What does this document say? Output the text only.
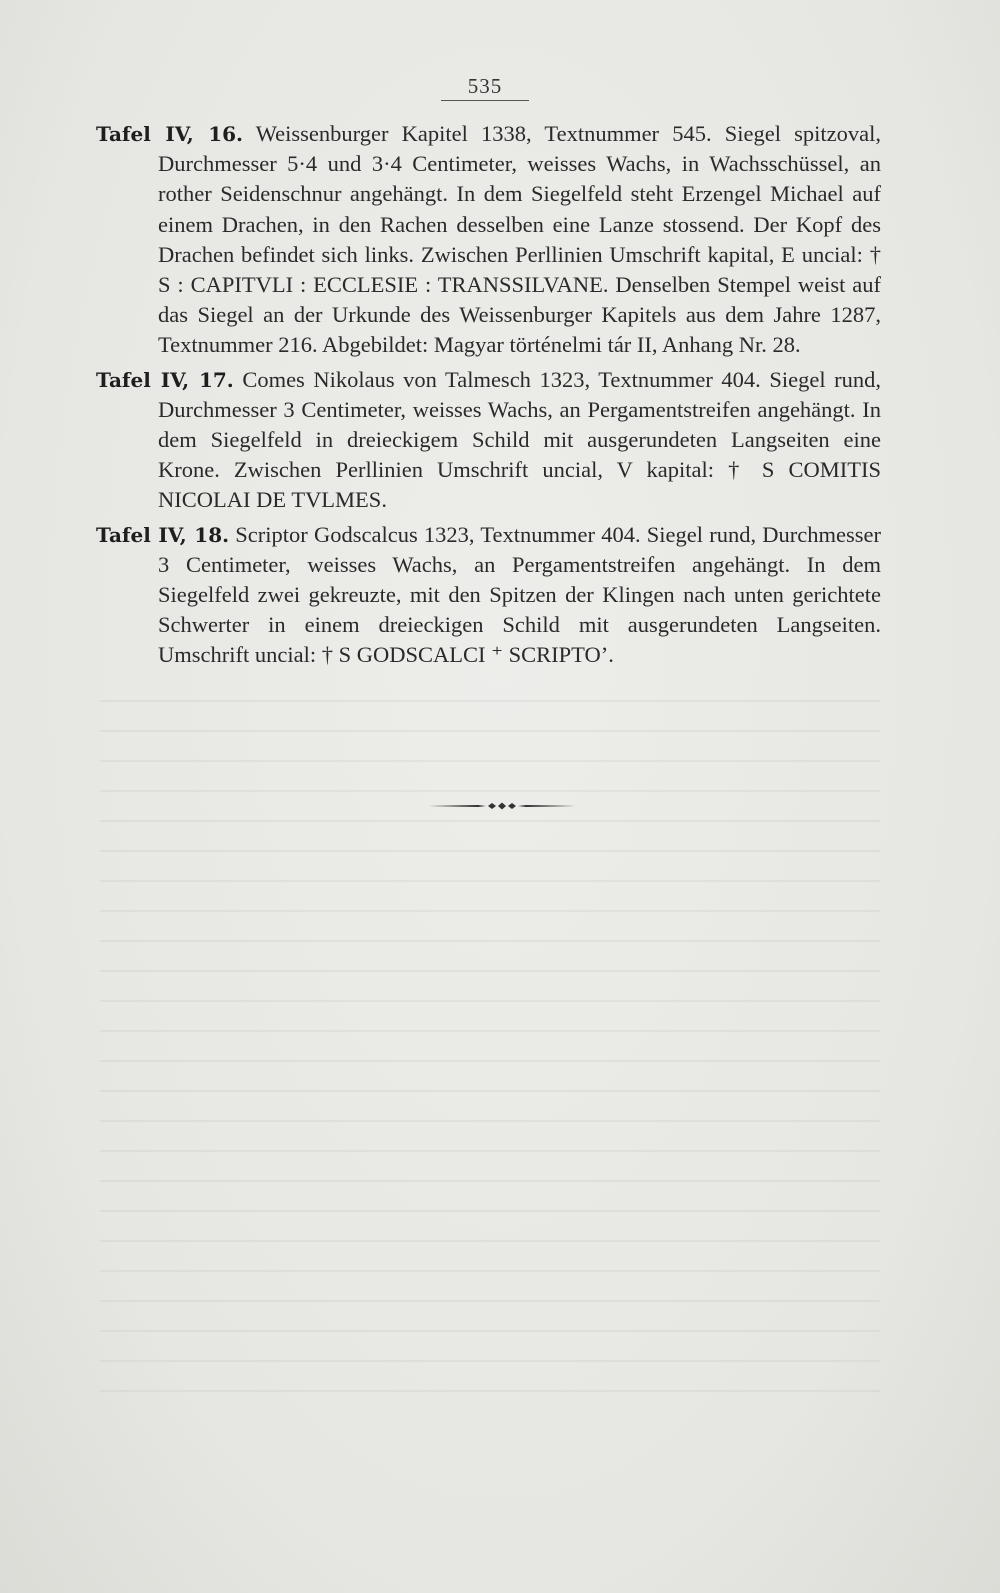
535

Tafel IV, 16. Weissenburger Kapitel 1338, Textnummer 545. Siegel spitzoval, Durchmesser 5·4 und 3·4 Centimeter, weisses Wachs, in Wachsschüssel, an rother Seidenschnur angehängt. In dem Siegelfeld steht Erzengel Michael auf einem Drachen, in den Rachen desselben eine Lanze stossend. Der Kopf des Drachen befindet sich links. Zwischen Perllinien Umschrift kapital, E uncial: † S : CAPITVLI : ECCLESIE : TRANSSILVANE. Denselben Stempel weist auf das Siegel an der Urkunde des Weissenburger Kapitels aus dem Jahre 1287, Textnummer 216. Abgebildet: Magyar történelmi tár II, Anhang Nr. 28.

Tafel IV, 17. Comes Nikolaus von Talmesch 1323, Textnummer 404. Siegel rund, Durchmesser 3 Centimeter, weisses Wachs, an Pergamentstreifen angehängt. In dem Siegelfeld in dreieckigem Schild mit ausgerundeten Langseiten eine Krone. Zwischen Perllinien Umschrift uncial, V kapital: † S COMITIS NICOLAI DE TVLMES.

Tafel IV, 18. Scriptor Godscalcus 1323, Textnummer 404. Siegel rund, Durchmesser 3 Centimeter, weisses Wachs, an Pergamentstreifen angehängt. In dem Siegelfeld zwei gekreuzte, mit den Spitzen der Klingen nach unten gerichtete Schwerter in einem dreieckigen Schild mit ausgerundeten Langseiten. Umschrift uncial: † S GODSCALCI ⁺ SCRIPTO’.
